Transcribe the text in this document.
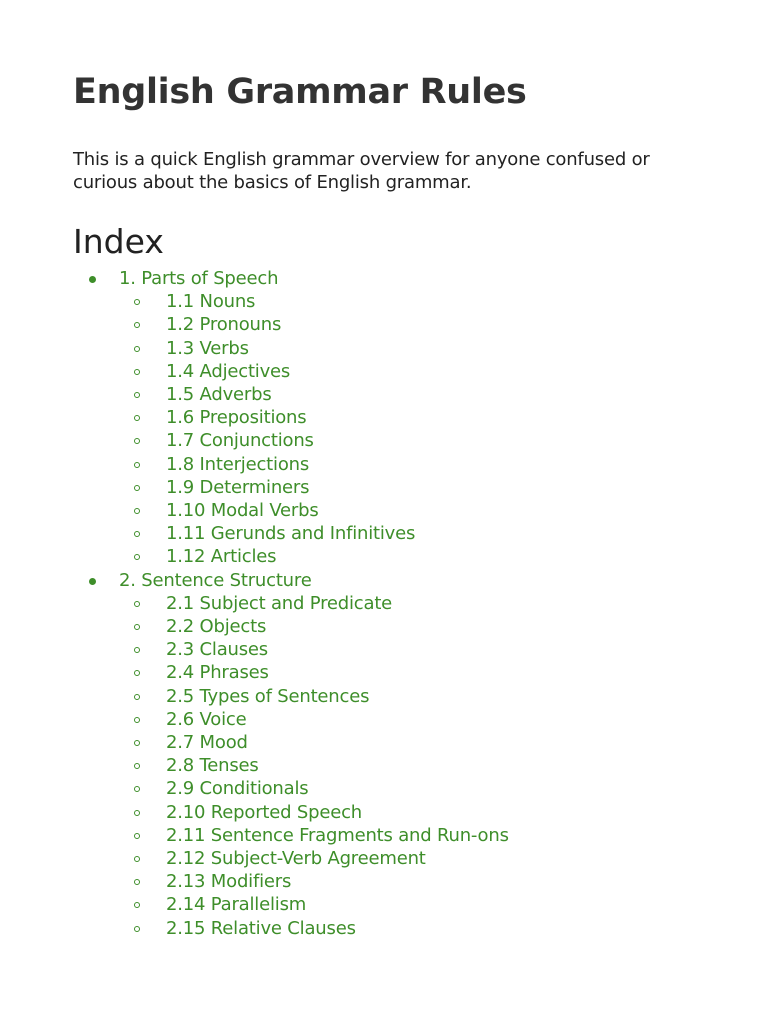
English Grammar Rules

This is a quick English grammar overview for anyone confused or curious about the basics of English grammar.

Index
1. Parts of Speech
1.1 Nouns
1.2 Pronouns
1.3 Verbs
1.4 Adjectives
1.5 Adverbs
1.6 Prepositions
1.7 Conjunctions
1.8 Interjections
1.9 Determiners
1.10 Modal Verbs
1.11 Gerunds and Infinitives
1.12 Articles
2. Sentence Structure
2.1 Subject and Predicate
2.2 Objects
2.3 Clauses
2.4 Phrases
2.5 Types of Sentences
2.6 Voice
2.7 Mood
2.8 Tenses
2.9 Conditionals
2.10 Reported Speech
2.11 Sentence Fragments and Run-ons
2.12 Subject-Verb Agreement
2.13 Modifiers
2.14 Parallelism
2.15 Relative Clauses
